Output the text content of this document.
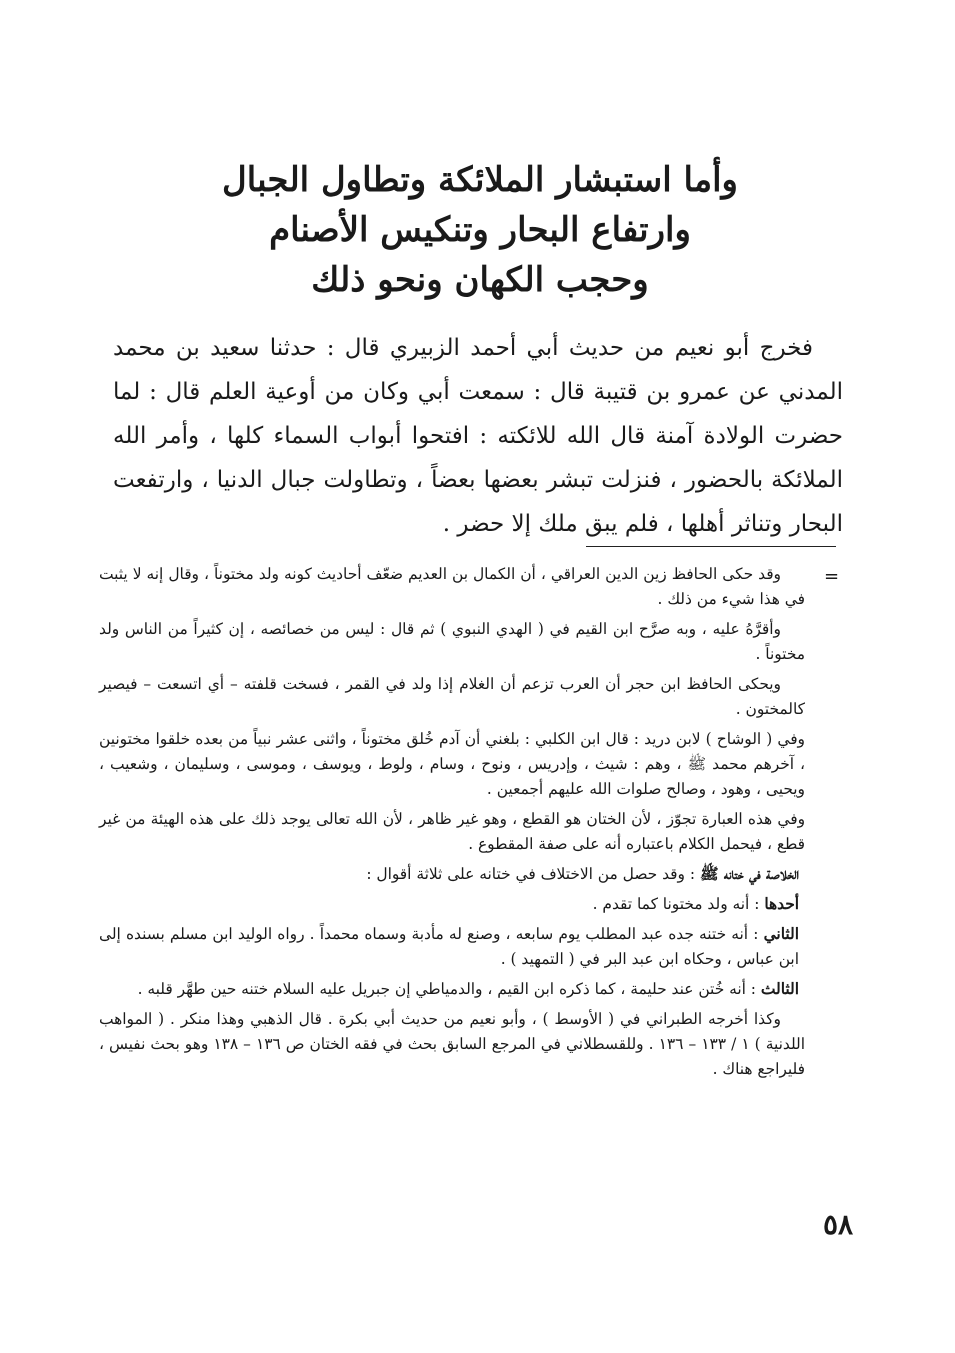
وأما استبشار الملائكة وتطاول الجبال
وارتفاع البحار وتنكيس الأصنام
وحجب الكهان ونحو ذلك

فخرج أبو نعيم من حديث أبي أحمد الزبيري قال : حدثنا سعيد بن محمد المدني عن عمرو بن قتيبة قال : سمعت أبي وكان من أوعية العلم قال : لما حضرت الولادة آمنة قال الله للائكته : افتحوا أبواب السماء كلها ، وأمر الله الملائكة بالحضور ، فنزلت تبشر بعضها بعضاً ، وتطاولت جبال الدنيا ، وارتفعت البحار وتناثر أهلها ، فلم يبق ملك إلا حضر .

=

وقد حكى الحافظ زين الدين العراقي ، أن الكمال بن العديم ضعّف أحاديث كونه ولد مختوناً ، وقال إنه لا يثبت في هذا شيء من ذلك .

وأقرَّهُ عليه ، وبه صرَّح ابن القيم في ( الهدي النبوي ) ثم قال : ليس من خصائصه ، إن كثيراً من الناس ولد مختوناً .

ويحكى الحافظ ابن حجر أن العرب تزعم أن الغلام إذا ولد في القمر ، فسخت قلفته – أي اتسعت – فيصير كالمختون .

وفي ( الوشاح ) لابن دريد : قال ابن الكلبي : بلغني أن آدم خُلق مختوناً ، واثنى عشر نبياً من بعده خلقوا مختونين ، آخرهم محمد ﷺ ، وهم : شيث ، وإدريس ، ونوح ، وسام ، ولوط ، ويوسف ، وموسى ، وسليمان ، وشعيب ، ويحيى ، وهود ، وصالح صلوات الله عليهم أجمعين .

وفي هذه العبارة تجوّز ، لأن الختان هو القطع ، وهو غير ظاهر ، لأن الله تعالى يوجد ذلك على هذه الهيئة من غير قطع ، فيحمل الكلام باعتباره أنه على صفة المقطوع .

الخلاصة في ختانه ﷺ : وقد حصل من الاختلاف في ختانه على ثلاثة أقوال :

أحدها : أنه ولد مختونا كما تقدم .

الثاني : أنه ختنه جده عبد المطلب يوم سابعه ، وصنع له مأدبة وسماه محمداً . رواه الوليد ابن مسلم بسنده إلى ابن عباس ، وحكاه ابن عبد البر في ( التمهيد ) .

الثالث : أنه خُتن عند حليمة ، كما ذكره ابن القيم ، والدمياطي إن جبريل عليه السلام ختنه حين طهَّر قلبه .

وكذا أخرجه الطبراني في ( الأوسط ) ، وأبو نعيم من حديث أبي بكرة . قال الذهبي وهذا منكر . ( المواهب اللدنية ) ١ / ١٣٣ – ١٣٦ . وللقسطلاني في المرجع السابق بحث في فقه الختان ص ١٣٦ – ١٣٨ وهو بحث نفيس ، فليراجع هناك .

٥٨
